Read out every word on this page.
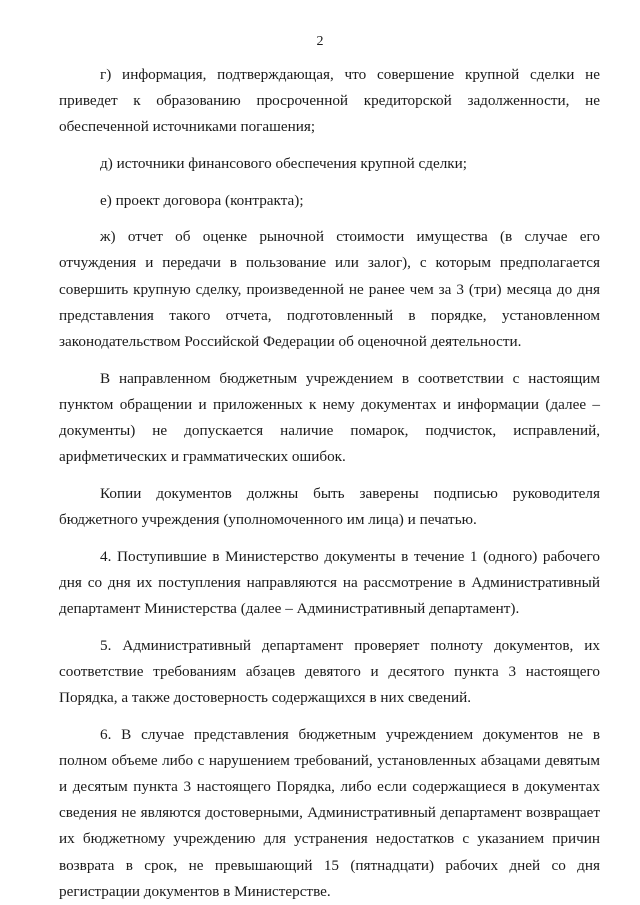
2

г) информация, подтверждающая, что совершение крупной сделки не приведет к образованию просроченной кредиторской задолженности, не обеспеченной источниками погашения;

д) источники финансового обеспечения крупной сделки;

е) проект договора (контракта);

ж) отчет об оценке рыночной стоимости имущества (в случае его отчуждения и передачи в пользование или залог), с которым предполагается совершить крупную сделку, произведенной не ранее чем за 3 (три) месяца до дня представления такого отчета, подготовленный в порядке, установленном законодательством Российской Федерации об оценочной деятельности.

В направленном бюджетным учреждением в соответствии с настоящим пунктом обращении и приложенных к нему документах и информации (далее – документы) не допускается наличие помарок, подчисток, исправлений, арифметических и грамматических ошибок.

Копии документов должны быть заверены подписью руководителя бюджетного учреждения (уполномоченного им лица) и печатью.

4. Поступившие в Министерство документы в течение 1 (одного) рабочего дня со дня их поступления направляются на рассмотрение в Административный департамент Министерства (далее – Административный департамент).

5. Административный департамент проверяет полноту документов, их соответствие требованиям абзацев девятого и десятого пункта 3 настоящего Порядка, а также достоверность содержащихся в них сведений.

6. В случае представления бюджетным учреждением документов не в полном объеме либо с нарушением требований, установленных абзацами девятым и десятым пункта 3 настоящего Порядка, либо если содержащиеся в документах сведения не являются достоверными, Административный департамент возвращает их бюджетному учреждению для устранения недостатков с указанием причин возврата в срок, не превышающий 15 (пятнадцати) рабочих дней со дня регистрации документов в Министерстве.
